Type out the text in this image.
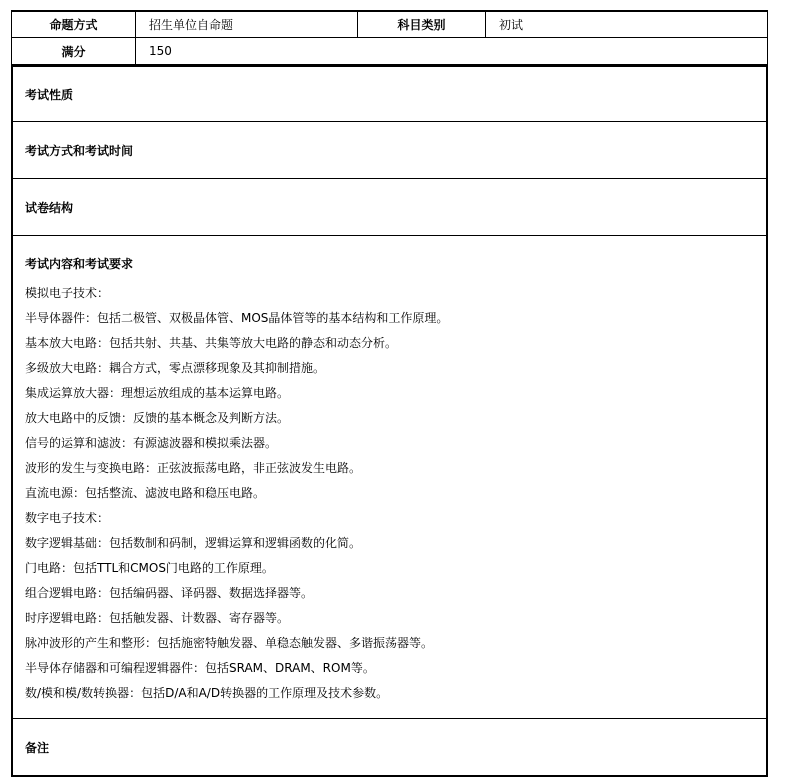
命题方式	招生单位自命题	科目类别	初试
满分	150
考试性质
考试方式和考试时间
试卷结构
考试内容和考试要求
模拟电子技术：
半导体器件：包括二极管、双极晶体管、MOS晶体管等的基本结构和工作原理。
基本放大电路：包括共射、共基、共集等放大电路的静态和动态分析。
多级放大电路：耦合方式，零点漂移现象及其抑制措施。
集成运算放大器：理想运放组成的基本运算电路。
放大电路中的反馈：反馈的基本概念及判断方法。
信号的运算和滤波：有源滤波器和模拟乘法器。
波形的发生与变换电路：正弦波振荡电路，非正弦波发生电路。
直流电源：包括整流、滤波电路和稳压电路。
数字电子技术：
数字逻辑基础：包括数制和码制，逻辑运算和逻辑函数的化简。
门电路：包括TTL和CMOS门电路的工作原理。
组合逻辑电路：包括编码器、译码器、数据选择器等。
时序逻辑电路：包括触发器、计数器、寄存器等。
脉冲波形的产生和整形：包括施密特触发器、单稳态触发器、多谐振荡器等。
半导体存储器和可编程逻辑器件：包括SRAM、DRAM、ROM等。
数/模和模/数转换器：包括D/A和A/D转换器的工作原理及技术参数。
备注
